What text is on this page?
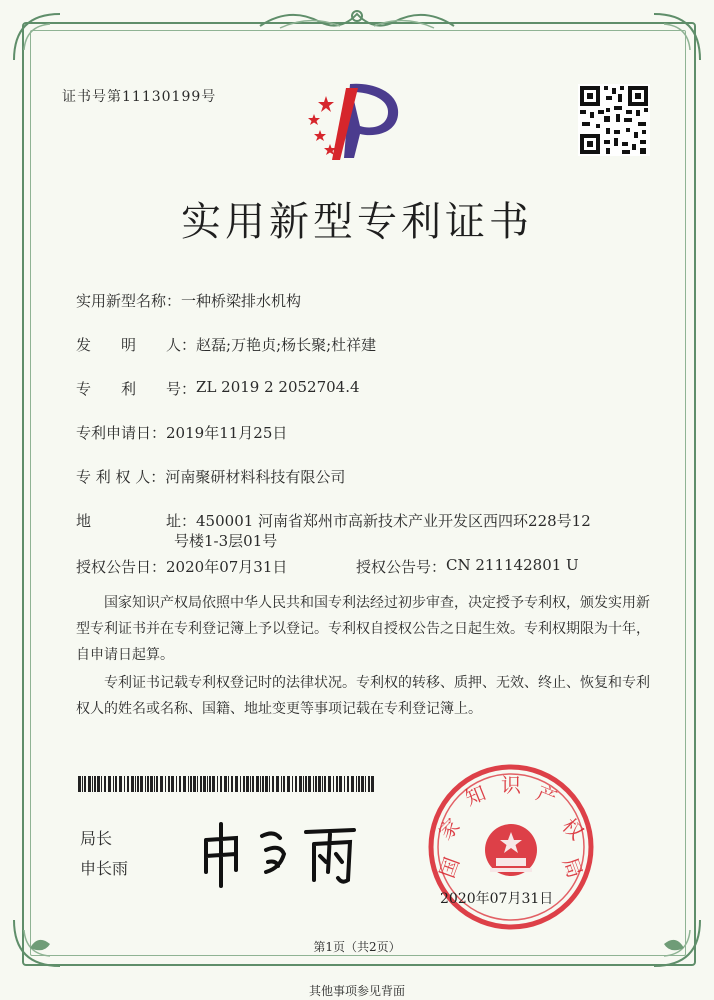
证书号第11130199号
实用新型专利证书
实用新型名称： 一种桥梁排水机构
发　　明　　人： 赵磊;万艳贞;杨长聚;杜祥建
专　　利　　号： ZL 2019 2 2052704.4
专利申请日： 2019年11月25日
专 利 权 人： 河南聚研材料科技有限公司
地　　　　　址： 450001 河南省郑州市高新技术产业开发区西四环228号12
号楼1-3层01号
授权公告日： 2020年07月31日	授权公告号： CN 211142801 U
国家知识产权局依照中华人民共和国专利法经过初步审查，决定授予专利权，颁发实用新型专利证书并在专利登记簿上予以登记。专利权自授权公告之日起生效。专利权期限为十年，自申请日起算。
专利证书记载专利权登记时的法律状况。专利权的转移、质押、无效、终止、恢复和专利权人的姓名或名称、国籍、地址变更等事项记载在专利登记簿上。
局长
申长雨	国
家
知 识 产
权
局
2020年07月31日
第1页（共2页）
其他事项参见背面
